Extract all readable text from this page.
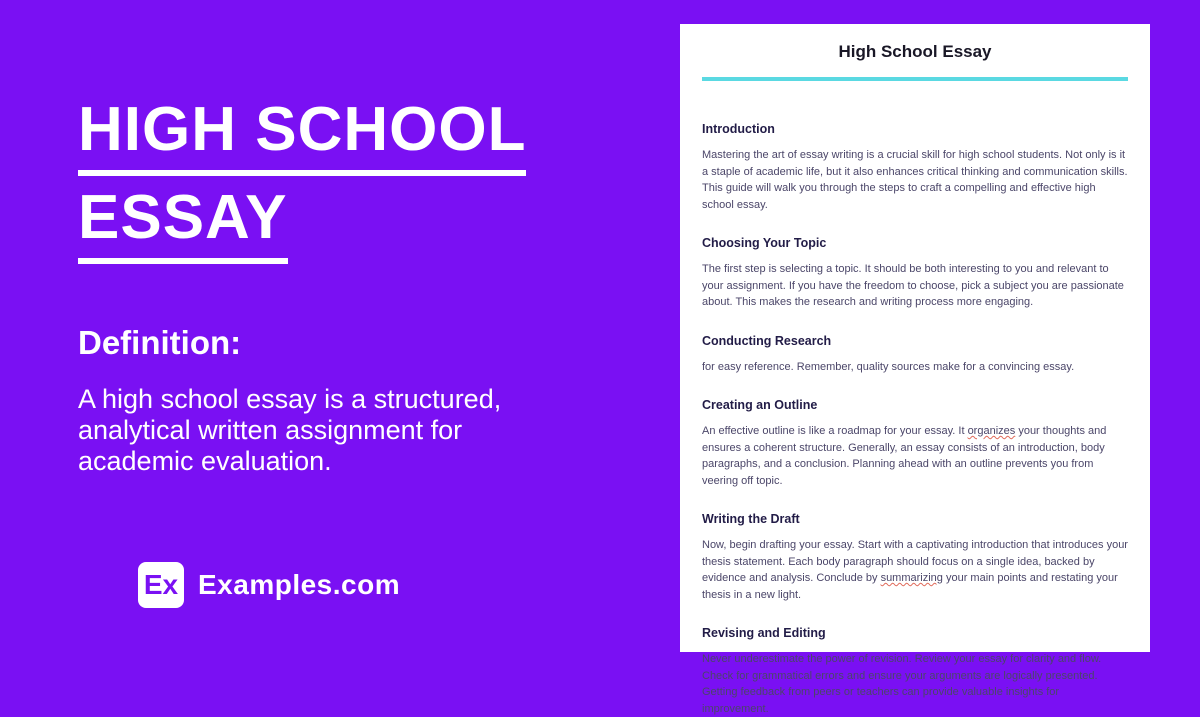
HIGH SCHOOL
ESSAY
Definition:

A high school essay is a structured, analytical written assignment for academic evaluation.

Ex Examples.com
High School Essay
Introduction

Mastering the art of essay writing is a crucial skill for high school students. Not only is it a staple of academic life, but it also enhances critical thinking and communication skills. This guide will walk you through the steps to craft a compelling and effective high school essay.

Choosing Your Topic

The first step is selecting a topic. It should be both interesting to you and relevant to your assignment. If you have the freedom to choose, pick a subject you are passionate about. This makes the research and writing process more engaging.

Conducting Research

for easy reference. Remember, quality sources make for a convincing essay.

Creating an Outline

An effective outline is like a roadmap for your essay. It organizes your thoughts and ensures a coherent structure. Generally, an essay consists of an introduction, body paragraphs, and a conclusion. Planning ahead with an outline prevents you from veering off topic.

Writing the Draft

Now, begin drafting your essay. Start with a captivating introduction that introduces your thesis statement. Each body paragraph should focus on a single idea, backed by evidence and analysis. Conclude by summarizing your main points and restating your thesis in a new light.

Revising and Editing

Never underestimate the power of revision. Review your essay for clarity and flow. Check for grammatical errors and ensure your arguments are logically presented. Getting feedback from peers or teachers can provide valuable insights for improvement.
